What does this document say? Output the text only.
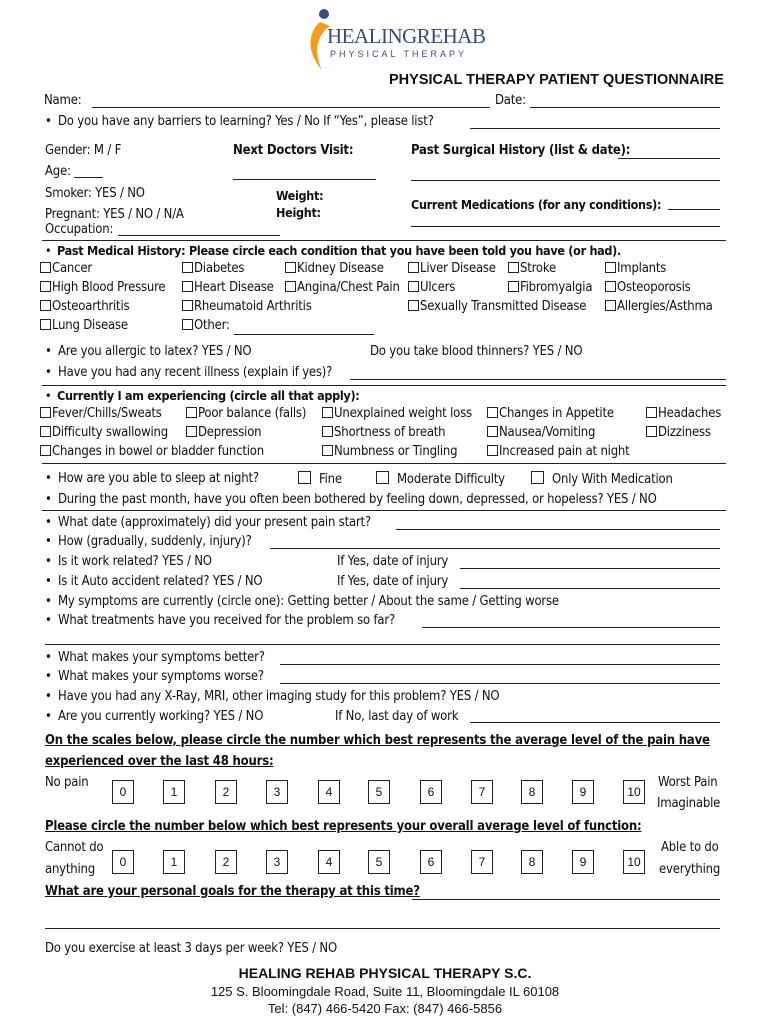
HEALINGREHAB
PHYSICAL THERAPY
PHYSICAL THERAPY PATIENT QUESTIONNAIRE
Name:	Date:
• Do you have any barriers to learning? Yes / No If “Yes”, please list?
Gender: M / F
Age: _____
Smoker: YES / NO
Pregnant: YES / NO / N/A
Occupation:
Next Doctors Visit:
Weight:
Height:
Past Surgical History (list & date):
Current Medications (for any conditions):
• Past Medical History: Please circle each condition that you have been told you have (or had).
Cancer	Diabetes	Kidney Disease	Liver Disease	Stroke	Implants
High Blood Pressure	Heart Disease	Angina/Chest Pain	Ulcers	Fibromyalgia	Osteoporosis
Osteoarthritis	Rheumatoid Arthritis	Sexually Transmitted Disease	Allergies/Asthma
Lung Disease	Other:
• Are you allergic to latex? YES / NO	Do you take blood thinners? YES / NO
• Have you had any recent illness (explain if yes)?
• Currently I am experiencing (circle all that apply):
Fever/Chills/Sweats	Poor balance (falls)	Unexplained weight loss	Changes in Appetite	Headaches
Difficulty swallowing	Depression	Shortness of breath	Nausea/Vomiting	Dizziness
Changes in bowel or bladder function	Numbness or Tingling	Increased pain at night
• How are you able to sleep at night?	Fine	Moderate Difficulty	Only With Medication
• During the past month, have you often been bothered by feeling down, depressed, or hopeless? YES / NO
• What date (approximately) did your present pain start?
• How (gradually, suddenly, injury)?
• Is it work related? YES / NO	If Yes, date of injury
• Is it Auto accident related? YES / NO	If Yes, date of injury
• My symptoms are currently (circle one): Getting better / About the same / Getting worse
• What treatments have you received for the problem so far?
• What makes your symptoms better?
• What makes your symptoms worse?
• Have you had any X-Ray, MRI, other imaging study for this problem? YES / NO
• Are you currently working? YES / NO	If No, last day of work
On the scales below, please circle the number which best represents the average level of the pain have
experienced over the last 48 hours:
No pain	Worst Pain
Imaginable
0	1	2	3	4	5	6	7	8	9	10
Please circle the number below which best represents your overall average level of function:
Cannot do
anything
Able to do
everything
0	1	2	3	4	5	6	7	8	9	10
What are your personal goals for the therapy at this time?
Do you exercise at least 3 days per week? YES / NO
HEALING REHAB PHYSICAL THERAPY S.C.
125 S. Bloomingdale Road, Suite 11, Bloomingdale IL 60108
Tel: (847) 466-5420 Fax: (847) 466-5856
